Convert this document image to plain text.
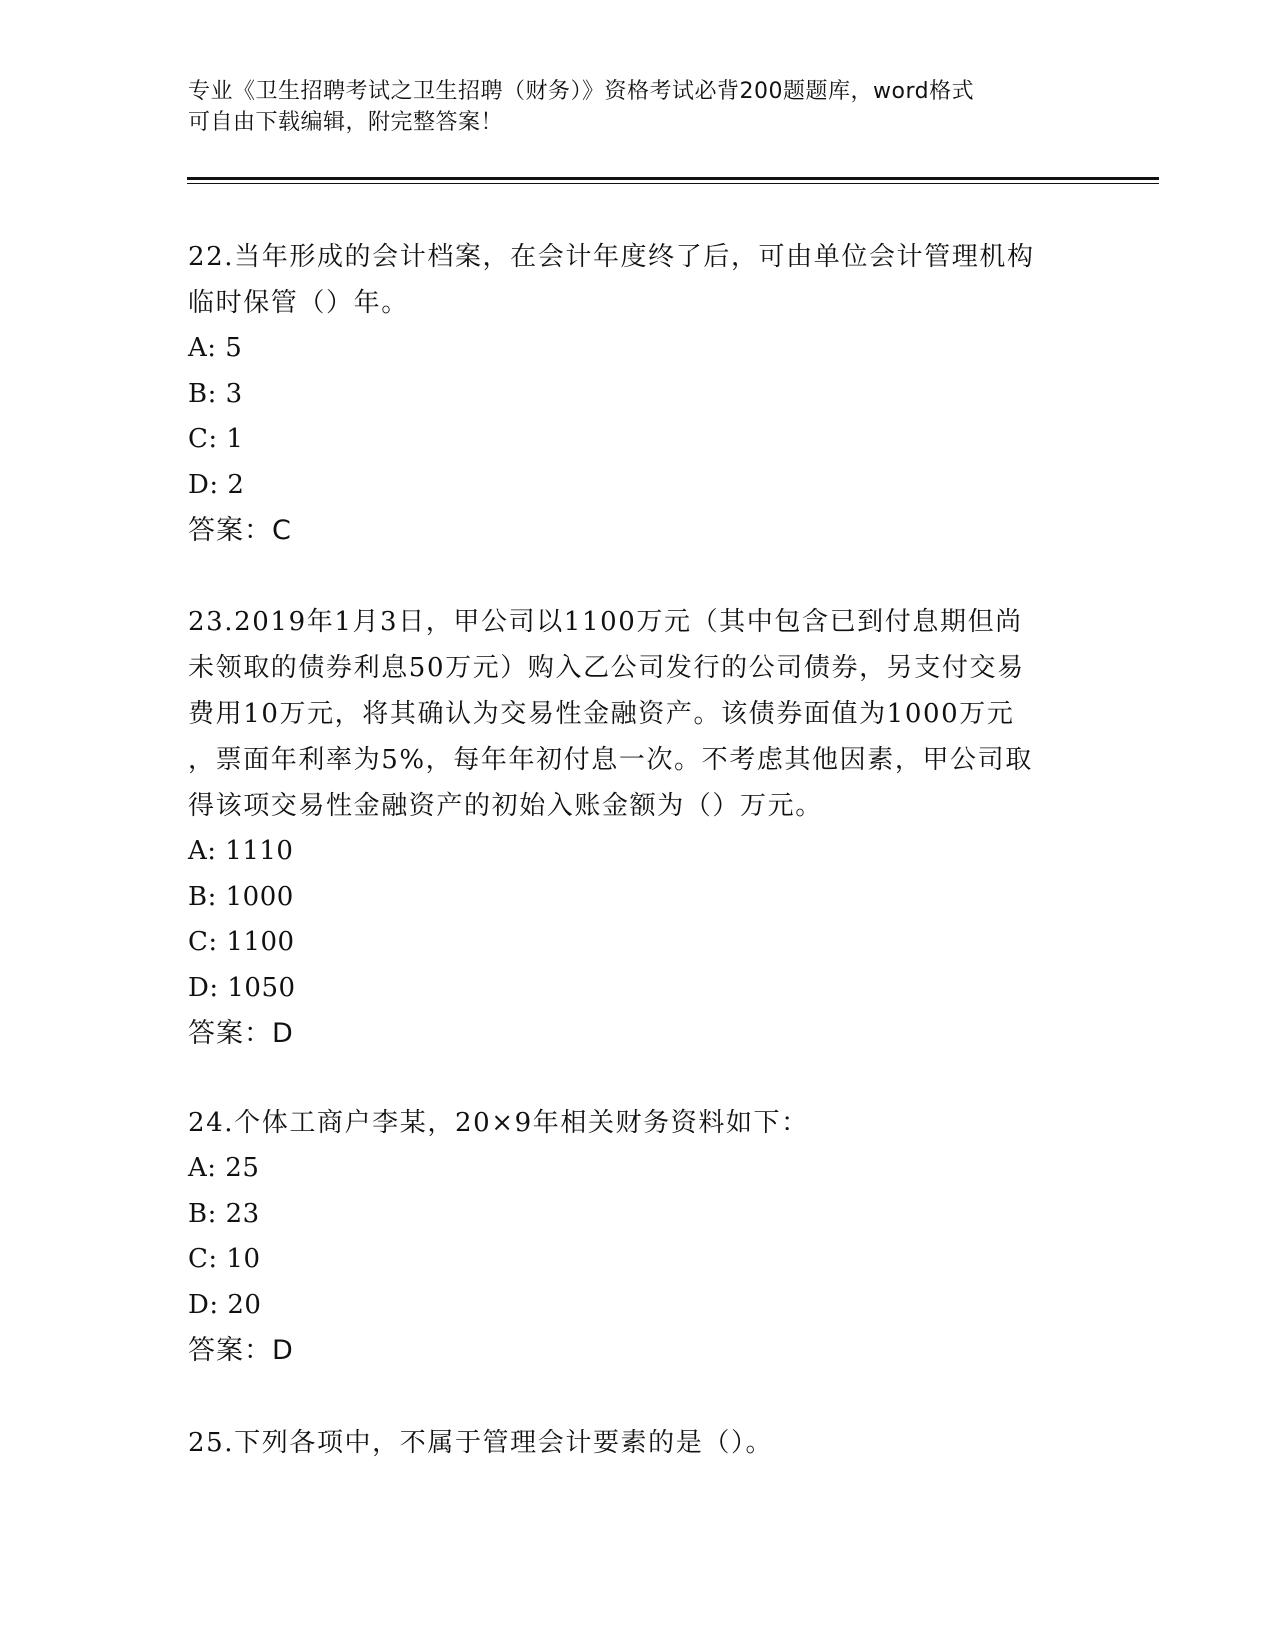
专业《卫生招聘考试之卫生招聘（财务）》资格考试必背200题题库，word格式

可自由下载编辑，附完整答案！

22.当年形成的会计档案，在会计年度终了后，可由单位会计管理机构
临时保管（）年。

A: 5
B: 3
C: 1
D: 2
答案：C

23.2019年1月3日，甲公司以1100万元（其中包含已到付息期但尚
未领取的债券利息50万元）购入乙公司发行的公司债券，另支付交易
费用10万元，将其确认为交易性金融资产。该债券面值为1000万元
，票面年利率为5%，每年年初付息一次。不考虑其他因素，甲公司取
得该项交易性金融资产的初始入账金额为（）万元。

A: 1110
B: 1000
C: 1100
D: 1050
答案：D

24.个体工商户李某，20×9年相关财务资料如下：

A: 25
B: 23
C: 10
D: 20
答案：D

25.下列各项中，不属于管理会计要素的是（）。
